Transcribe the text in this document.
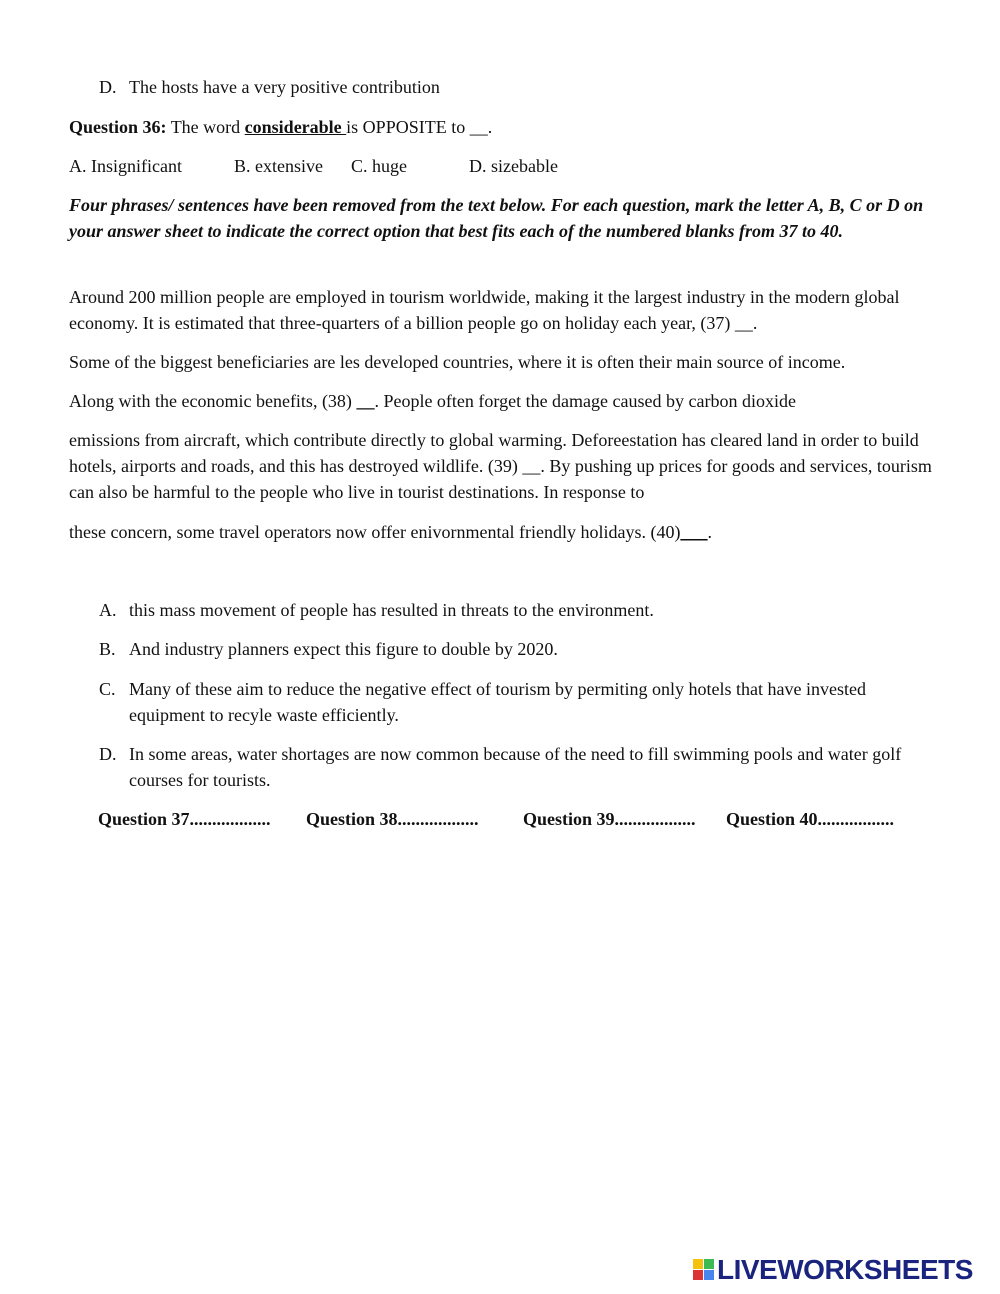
D. The hosts have a very positive contribution
Question 36: The word considerable is OPPOSITE to __.
A. Insignificant	B. extensive C. huge	D. sizebable
Four phrases/ sentences have been removed from the text below. For each question, mark the letter A, B, C or D on your answer sheet to indicate the correct option that best fits each of the numbered blanks from 37 to 40.
Around 200 million people are employed in tourism worldwide, making it the largest industry in the modern global economy. It is estimated that three-quarters of a billion people go on holiday each year, (37) __.
Some of the biggest beneficiaries are les developed countries, where it is often their main source of income.
Along with the economic benefits, (38) __. People often forget the damage caused by carbon dioxide
emissions from aircraft, which contribute directly to global warming. Deforeestation has cleared land in order to build hotels, airports and roads, and this has destroyed wildlife. (39) __. By pushing up prices for goods and services, tourism can also be harmful to the people who live in tourist destinations. In response to
these concern, some travel operators now offer enivornmental friendly holidays. (40)___.
A. this mass movement of people has resulted in threats to the environment.
B. And industry planners expect this figure to double by 2020.
C. Many of these aim to reduce the negative effect of tourism by permiting only hotels that have invested equipment to recyle waste efficiently.
D. In some areas, water shortages are now common because of the need to fill swimming pools and water golf courses for tourists.
Question 37.................. Question 38.................. Question 39.................. Question 40.................
LIVEWORKSHEETS
